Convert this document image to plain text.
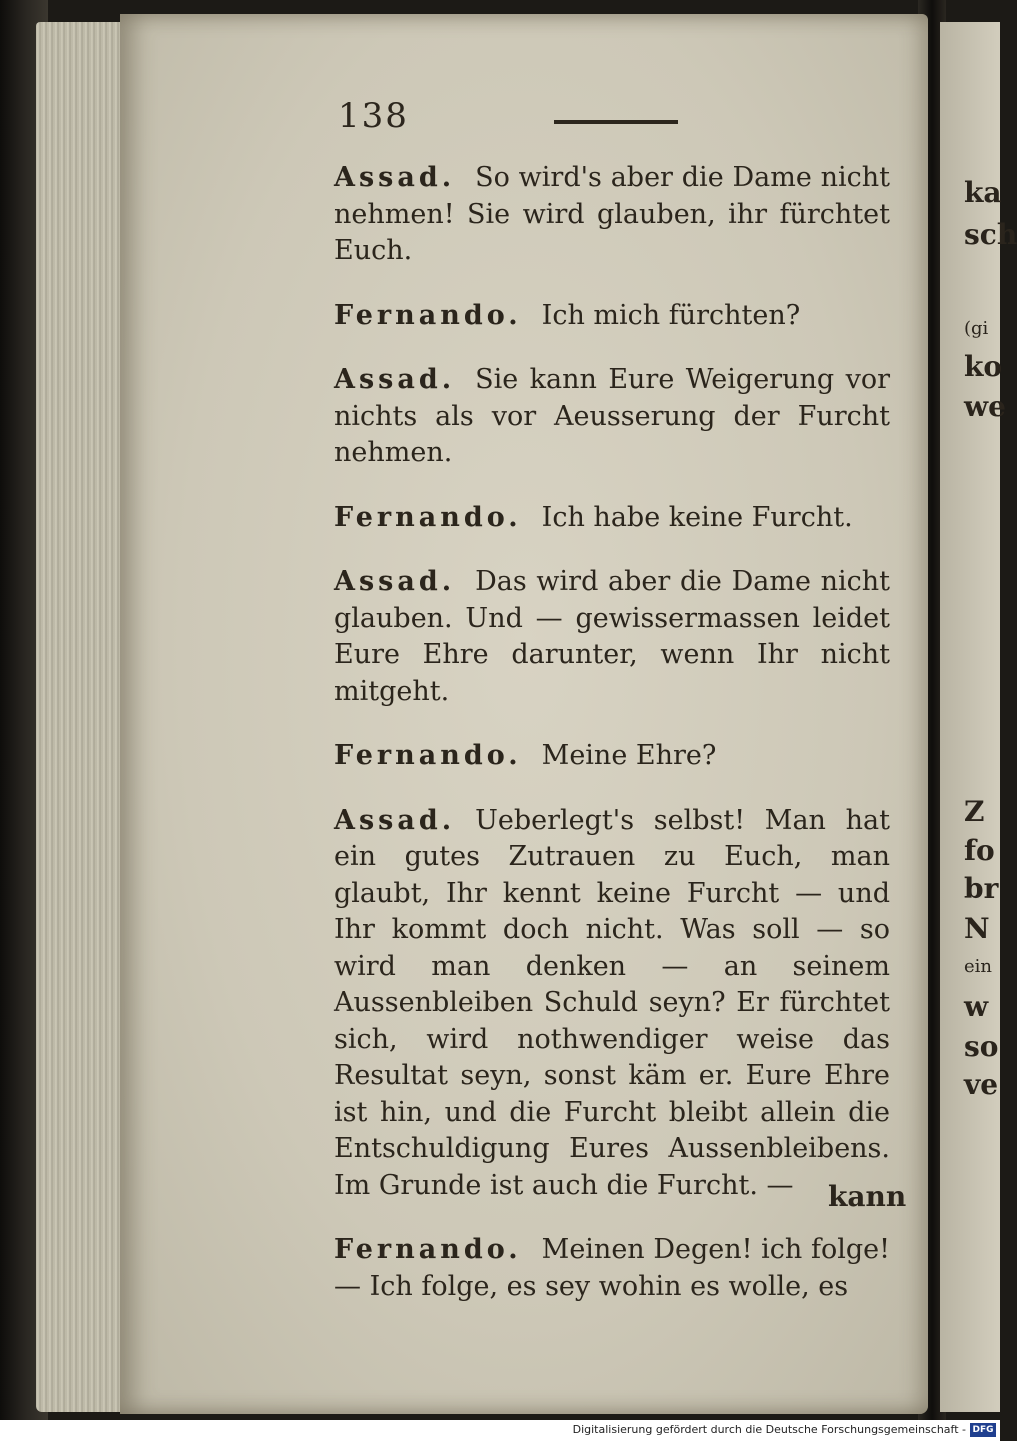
138

Assad. So wird's aber die Dame nicht nehmen! Sie wird glauben, ihr fürchtet Euch.

Fernando. Ich mich fürchten?

Assad. Sie kann Eure Weigerung vor nichts als vor Aeusserung der Furcht nehmen.

Fernando. Ich habe keine Furcht.

Assad. Das wird aber die Dame nicht glauben. Und — gewissermassen leidet Eure Ehre darunter, wenn Ihr nicht mitgeht.

Fernando. Meine Ehre?

Assad. Ueberlegt's selbst! Man hat ein gutes Zutrauen zu Euch, man glaubt, Ihr kennt keine Furcht — und Ihr kommt doch nicht. Was soll — so wird man denken — an seinem Aussenbleiben Schuld seyn? Er fürchtet sich, wird nothwendiger weise das Resultat seyn, sonst käm er. Eure Ehre ist hin, und die Furcht bleibt allein die Entschuldigung Eures Aussenbleibens. Im Grunde ist auch die Furcht. —

Fernando. Meinen Degen! ich folge! — Ich folge, es sey wohin es wolle, es

kann
ka
sch
(gi
ko
we
Z
fo
br
N
ein
w
so
ve
Digitalisierung gefördert durch die Deutsche Forschungsgemeinschaft - DFG
